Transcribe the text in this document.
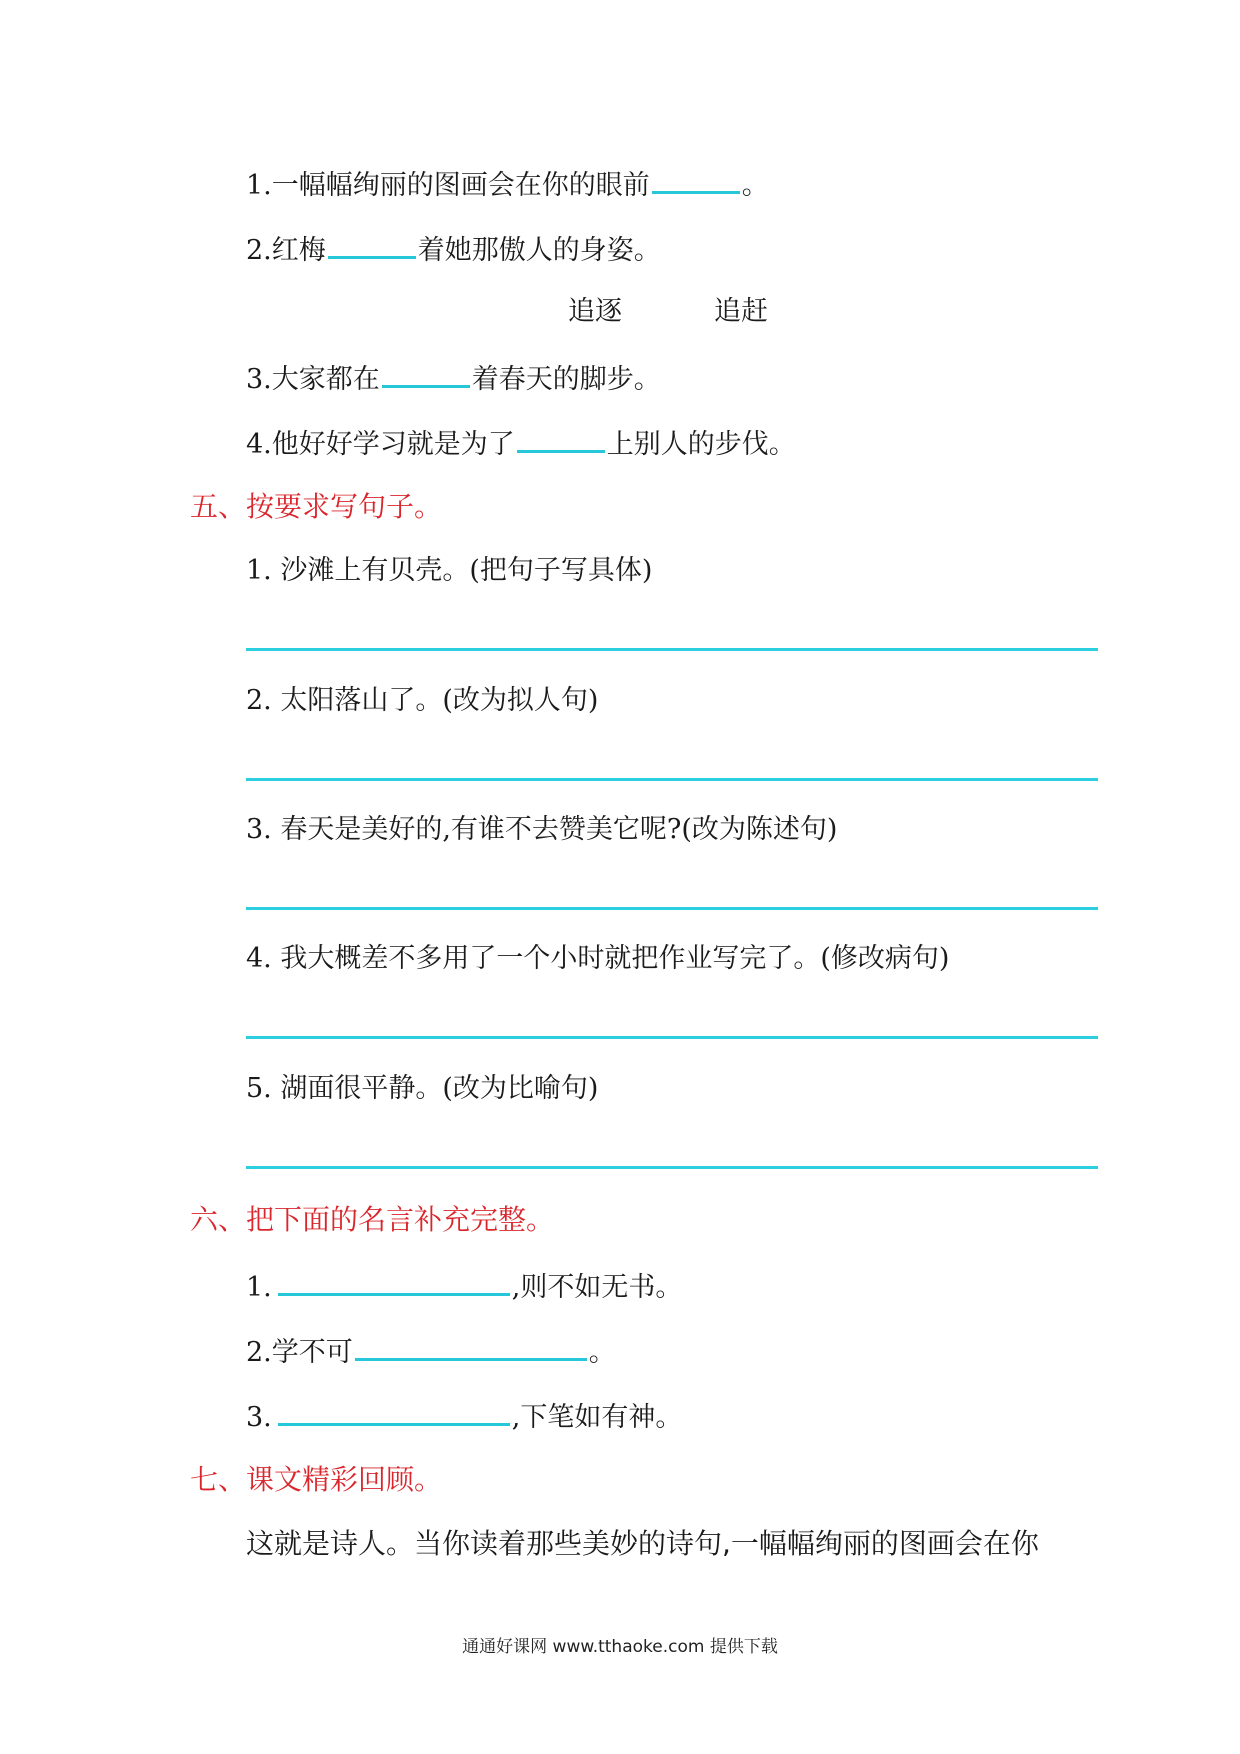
1.一幅幅绚丽的图画会在你的眼前	。
2.红梅	着她那傲人的身姿。
追逐	追赶
3.大家都在	着春天的脚步。
4.他好好学习就是为了	上别人的步伐。
五、按要求写句子。
1. 沙滩上有贝壳。(把句子写具体)
2. 太阳落山了。(改为拟人句)
3. 春天是美好的,有谁不去赞美它呢?(改为陈述句)
4. 我大概差不多用了一个小时就把作业写完了。(修改病句)
5. 湖面很平静。(改为比喻句)
六、把下面的名言补充完整。
1.	,则不如无书。
2.学不可	。
3.	,下笔如有神。
七、课文精彩回顾。
这就是诗人。当你读着那些美妙的诗句,一幅幅绚丽的图画会在你
通通好课网 www.tthaoke.com 提供下载
